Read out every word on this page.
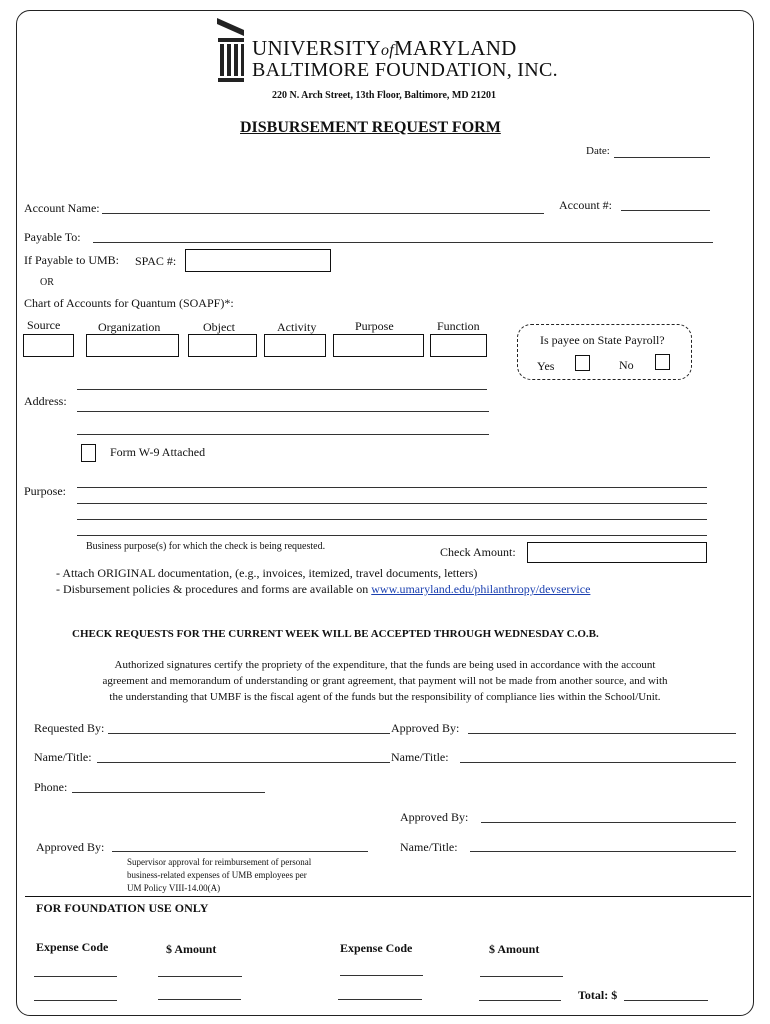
UNIVERSITYofMARYLAND
BALTIMORE FOUNDATION, INC.
220 N. Arch Street, 13th Floor, Baltimore, MD 21201
DISBURSEMENT REQUEST FORM
Date:
Account Name:	Account #:
Payable To:
If Payable to UMB: SPAC #:
OR
Chart of Accounts for Quantum (SOAPF)*:
Source	Organization	Object	Activity	Purpose	Function
Is payee on State Payroll?
Yes	No
Address:
Form W-9 Attached
Purpose:
Business purpose(s) for which the check is being requested.	Check Amount:
- Attach ORIGINAL documentation, (e.g., invoices, itemized, travel documents, letters)
- Disbursement policies & procedures and forms are available on www.umaryland.edu/philanthropy/devservice
CHECK REQUESTS FOR THE CURRENT WEEK WILL BE ACCEPTED THROUGH WEDNESDAY C.O.B.
Authorized signatures certify the propriety of the expenditure, that the funds are being used in accordance with the account
agreement and memorandum of understanding or grant agreement, that payment will not be made from another source, and with
the understanding that UMBF is the fiscal agent of the funds but the responsibility of compliance lies within the School/Unit.
Requested By:	Approved By:
Name/Title:	Name/Title:
Phone:
Approved By:
Approved By:	Name/Title:
Supervisor approval for reimbursement of personal
business-related expenses of UMB employees per
UM Policy VIII-14.00(A)
FOR FOUNDATION USE ONLY
Expense Code	$ Amount	Expense Code	$ Amount
Total: $
